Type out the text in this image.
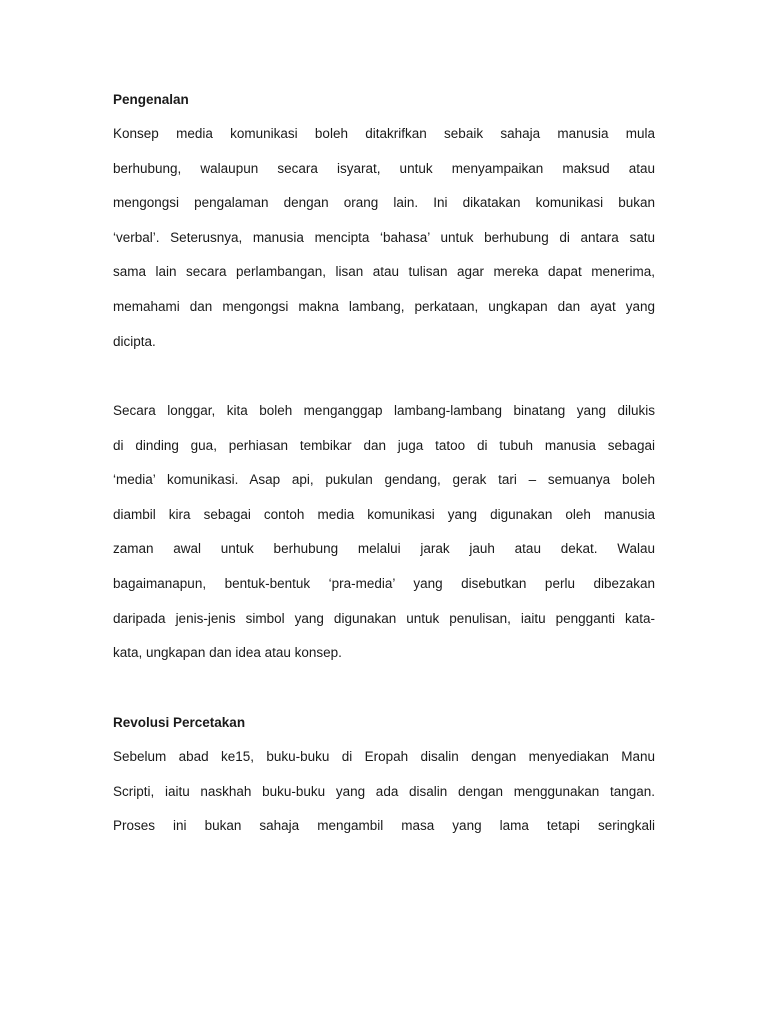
Pengenalan
Konsep media komunikasi boleh ditakrifkan sebaik sahaja manusia mula
berhubung, walaupun secara isyarat, untuk menyampaikan maksud atau
mengongsi pengalaman dengan orang lain. Ini dikatakan komunikasi bukan
‘verbal’. Seterusnya, manusia mencipta ‘bahasa’ untuk berhubung di antara satu
sama lain secara perlambangan, lisan atau tulisan agar mereka dapat menerima,
memahami dan mengongsi makna lambang, perkataan, ungkapan dan ayat yang
dicipta.
Secara longgar, kita boleh menganggap lambang-lambang binatang yang dilukis
di dinding gua, perhiasan tembikar dan juga tatoo di tubuh manusia sebagai
‘media’ komunikasi. Asap api, pukulan gendang, gerak tari – semuanya boleh
diambil kira sebagai contoh media komunikasi yang digunakan oleh manusia
zaman awal untuk berhubung melalui jarak jauh atau dekat. Walau
bagaimanapun, bentuk-bentuk ‘pra-media’ yang disebutkan perlu dibezakan
daripada jenis-jenis simbol yang digunakan untuk penulisan, iaitu pengganti kata-
kata, ungkapan dan idea atau konsep.
Revolusi Percetakan
Sebelum abad ke15, buku-buku di Eropah disalin dengan menyediakan Manu
Scripti, iaitu naskhah buku-buku yang ada disalin dengan menggunakan tangan.
Proses ini bukan sahaja mengambil masa yang lama tetapi seringkali
